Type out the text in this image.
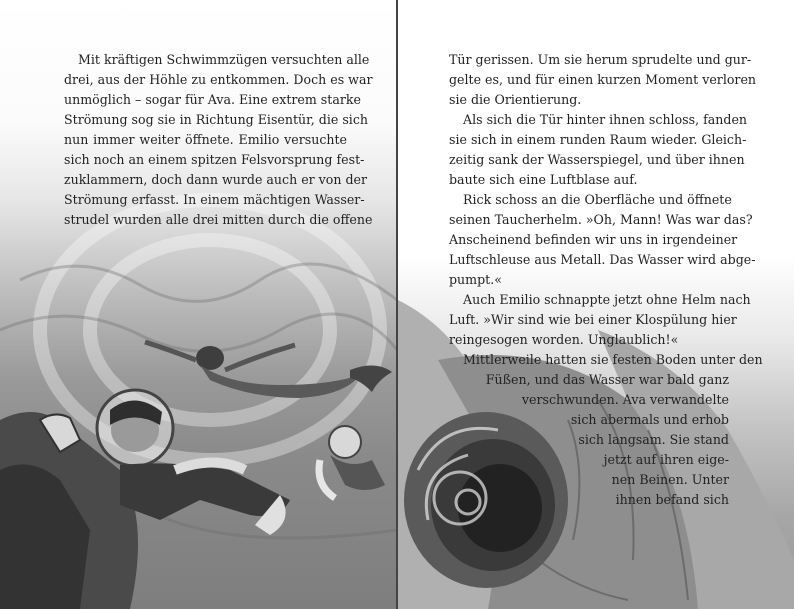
Mit kräftigen Schwimmzügen versuchten alle
drei, aus der Höhle zu entkommen. Doch es war
unmöglich – sogar für Ava. Eine extrem starke
Strömung sog sie in Richtung Eisentür, die sich
nun immer weiter öffnete. Emilio versuchte
sich noch an einem spitzen Felsvorsprung fest-
zuklammern, doch dann wurde auch er von der
Strömung erfasst. In einem mächtigen Wasser-
strudel wurden alle drei mitten durch die offene
Tür gerissen. Um sie herum sprudelte und gur-
gelte es, und für einen kurzen Moment verloren
sie die Orientierung.
Als sich die Tür hinter ihnen schloss, fanden
sie sich in einem runden Raum wieder. Gleich-
zeitig sank der Wasserspiegel, und über ihnen
baute sich eine Luftblase auf.
Rick schoss an die Oberfläche und öffnete
seinen Taucherhelm. »Oh, Mann! Was war das?
Anscheinend befinden wir uns in irgendeiner
Luftschleuse aus Metall. Das Wasser wird abge-
pumpt.«
Auch Emilio schnappte jetzt ohne Helm nach
Luft. »Wir sind wie bei einer Klospülung hier
reingesogen worden. Unglaublich!«
Mittlerweile hatten sie festen Boden unter den
Füßen, und das Wasser war bald ganz
verschwunden. Ava verwandelte
sich abermals und erhob
sich langsam. Sie stand
jetzt auf ihren eige-
nen Beinen. Unter
ihnen befand sich
